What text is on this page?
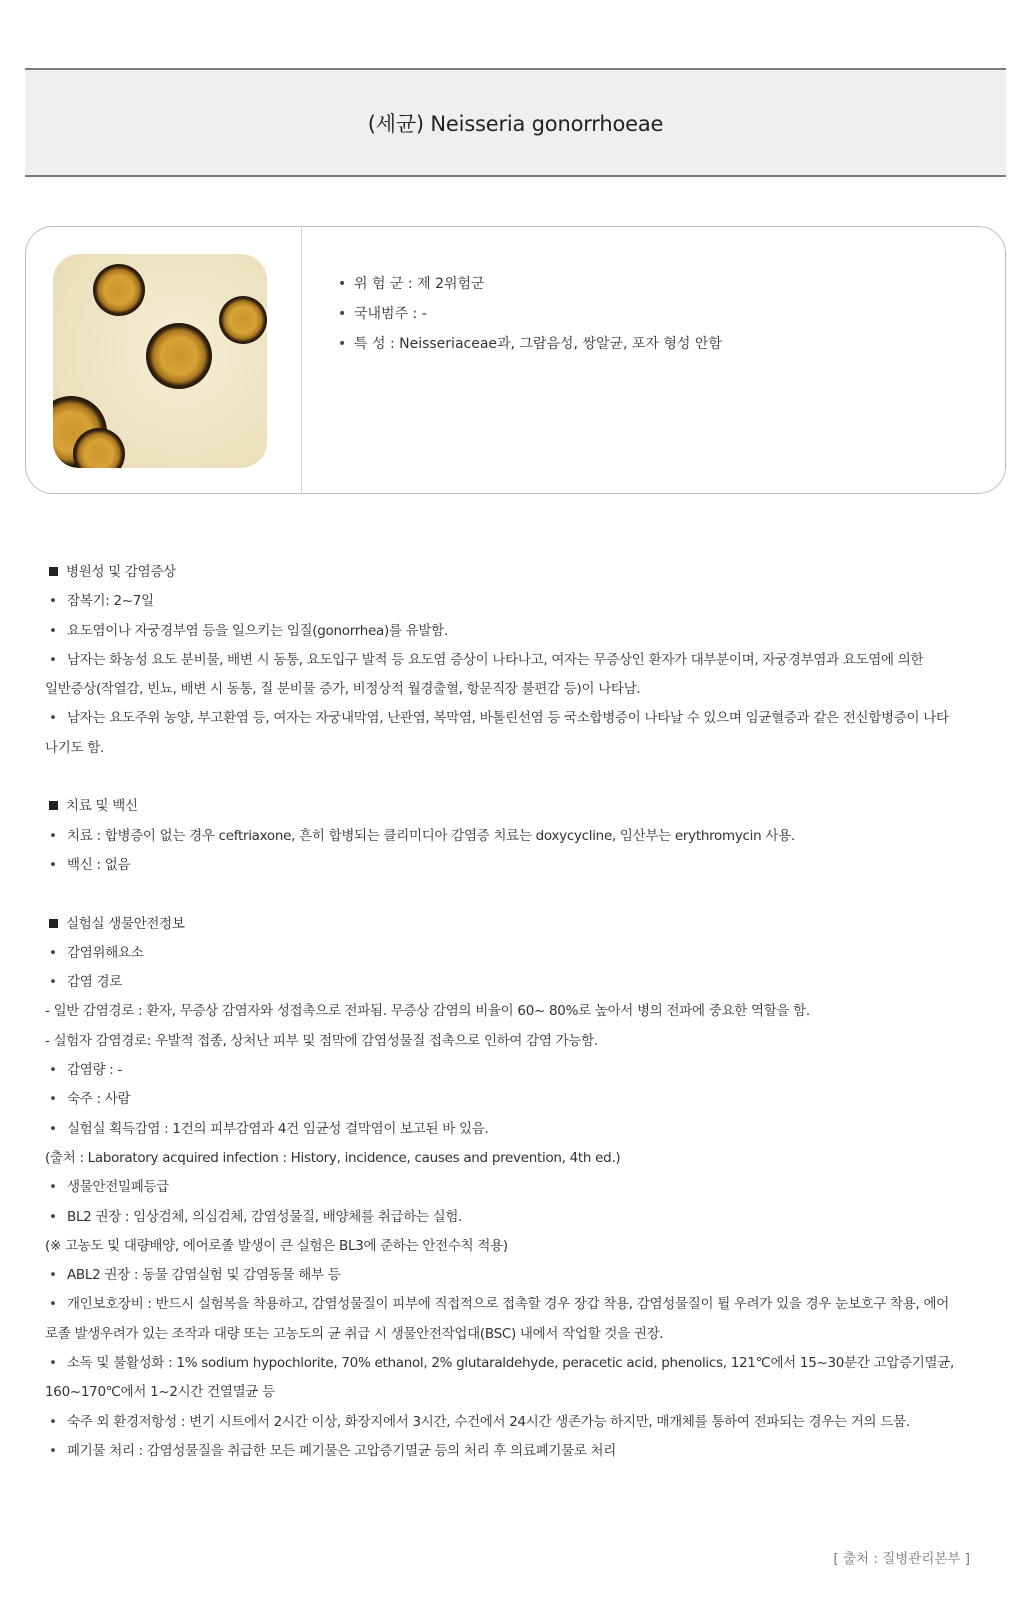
(세균) Neisseria gonorrhoeae
• 위 험 군 : 제 2위험군
• 국내범주 : -
• 특 성 : Neisseriaceae과, 그람음성, 쌍알균, 포자 형성 안함
병원성 및 감염증상
• 잠복기: 2~7일
• 요도염이나 자궁경부염 등을 일으키는 임질(gonorrhea)를 유발함.
• 남자는 화농성 요도 분비물, 배변 시 동통, 요도입구 발적 등 요도염 증상이 나타나고, 여자는 무증상인 환자가 대부분이며, 자궁경부염과 요도염에 의한
일반증상(작열감, 빈뇨, 배변 시 동통, 질 분비물 증가, 비정상적 월경출혈, 항문직장 불편감 등)이 나타남.
• 남자는 요도주위 농양, 부고환염 등, 여자는 자궁내막염, 난관염, 복막염, 바톨린선염 등 국소합병증이 나타날 수 있으며 임균혈증과 같은 전신합병증이 나타
나기도 함.
치료 및 백신
• 치료 : 합병증이 없는 경우 ceftriaxone, 흔히 합병되는 클리미디아 감염증 치료는 doxycycline, 임산부는 erythromycin 사용.
• 백신 : 없음
실험실 생물안전정보
• 감염위해요소
• 감염 경로
- 일반 감염경로 : 환자, 무증상 감염자와 성접촉으로 전파됨. 무증상 감염의 비율이 60~ 80%로 높아서 병의 전파에 중요한 역할을 함.
- 실험자 감염경로: 우발적 접종, 상처난 피부 및 점막에 감염성물질 접촉으로 인하여 감염 가능함.
• 감염량 : -
• 숙주 : 사람
• 실험실 획득감염 : 1건의 피부감염과 4건 임균성 결막염이 보고된 바 있음.
(출처 : Laboratory acquired infection : History, incidence, causes and prevention, 4th ed.)
• 생물안전밀폐등급
• BL2 권장 : 임상검체, 의심검체, 감염성물질, 배양체를 취급하는 실험.
(※ 고농도 및 대량배양, 에어로졸 발생이 큰 실험은 BL3에 준하는 안전수칙 적용)
• ABL2 권장 : 동물 감염실험 및 감염동물 해부 등
• 개인보호장비 : 반드시 실험복을 착용하고, 감염성물질이 피부에 직접적으로 접촉할 경우 장갑 착용, 감염성물질이 튈 우려가 있을 경우 눈보호구 착용, 에어
로졸 발생우려가 있는 조작과 대량 또는 고농도의 균 취급 시 생물안전작업대(BSC) 내에서 작업할 것을 권장.
• 소독 및 불활성화 : 1% sodium hypochlorite, 70% ethanol, 2% glutaraldehyde, peracetic acid, phenolics, 121℃에서 15~30분간 고압증기멸균,
160~170℃에서 1~2시간 건열멸균 등
• 숙주 외 환경저항성 : 변기 시트에서 2시간 이상, 화장지에서 3시간, 수건에서 24시간 생존가능 하지만, 매개체를 통하여 전파되는 경우는 거의 드뭄.
• 폐기물 처리 : 감염성물질을 취급한 모든 폐기물은 고압증기멸균 등의 처리 후 의료폐기물로 처리
[ 출처 : 질병관리본부 ]
